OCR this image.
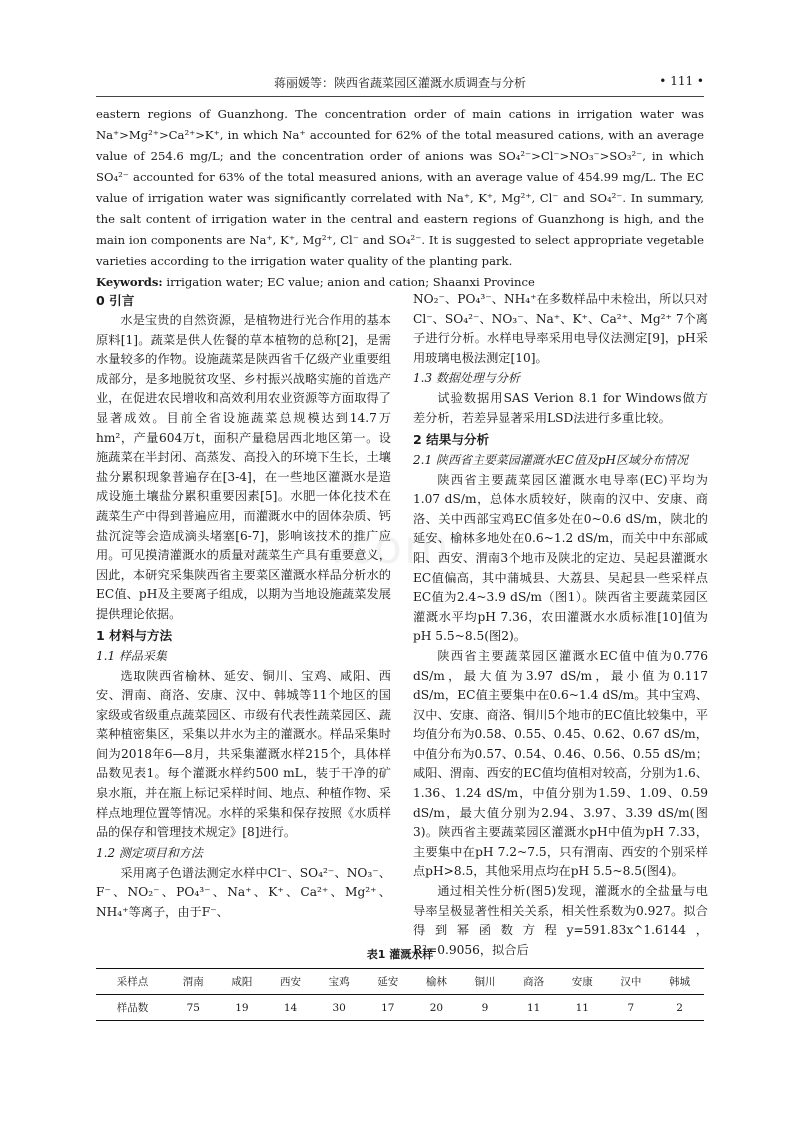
蒋丽媛等：陕西省蔬菜园区灌溉水质调查与分析	• 111 •

eastern regions of Guanzhong. The concentration order of main cations in irrigation water was Na⁺>Mg²⁺>Ca²⁺>K⁺, in which Na⁺ accounted for 62% of the total measured cations, with an average value of 254.6 mg/L; and the concentration order of anions was SO₄²⁻>Cl⁻>NO₃⁻>SO₃²⁻, in which SO₄²⁻ accounted for 63% of the total measured anions, with an average value of 454.99 mg/L. The EC value of irrigation water was significantly correlated with Na⁺, K⁺, Mg²⁺, Cl⁻ and SO₄²⁻. In summary, the salt content of irrigation water in the central and eastern regions of Guanzhong is high, and the main ion components are Na⁺, K⁺, Mg²⁺, Cl⁻ and SO₄²⁻. It is suggested to select appropriate vegetable varieties according to the irrigation water quality of the planting park.

Keywords: irrigation water; EC value; anion and cation; Shaanxi Province

.com
0 引言

水是宝贵的自然资源，是植物进行光合作用的基本原料[1]。蔬菜是供人佐餐的草本植物的总称[2]，是需水量较多的作物。设施蔬菜是陕西省千亿级产业重要组成部分，是多地脱贫攻坚、乡村振兴战略实施的首选产业，在促进农民增收和高效利用农业资源等方面取得了显著成效。目前全省设施蔬菜总规模达到14.7万hm²，产量604万t，面积产量稳居西北地区第一。设施蔬菜在半封闭、高蒸发、高投入的环境下生长，土壤盐分累积现象普遍存在[3-4]，在一些地区灌溉水是造成设施土壤盐分累积重要因素[5]。水肥一体化技术在蔬菜生产中得到普遍应用，而灌溉水中的固体杂质、钙盐沉淀等会造成滴头堵塞[6-7]，影响该技术的推广应用。可见摸清灌溉水的质量对蔬菜生产具有重要意义，因此，本研究采集陕西省主要菜区灌溉水样品分析水的EC值、pH及主要离子组成，以期为当地设施蔬菜发展提供理论依据。

1 材料与方法
1.1 样品采集

选取陕西省榆林、延安、铜川、宝鸡、咸阳、西安、渭南、商洛、安康、汉中、韩城等11个地区的国家级或省级重点蔬菜园区、市级有代表性蔬菜园区、蔬菜种植密集区，采集以井水为主的灌溉水。样品采集时间为2018年6—8月，共采集灌溉水样215个，具体样品数见表1。每个灌溉水样约500 mL，装于干净的矿泉水瓶，并在瓶上标记采样时间、地点、种植作物、采样点地理位置等情况。水样的采集和保存按照《水质样品的保存和管理技术规定》[8]进行。

1.2 测定项目和方法

采用离子色谱法测定水样中Cl⁻、SO₄²⁻、NO₃⁻、F⁻、NO₂⁻、PO₄³⁻、Na⁺、K⁺、Ca²⁺、Mg²⁺、NH₄⁺等离子，由于F⁻、

NO₂⁻、PO₄³⁻、NH₄⁺在多数样品中未检出，所以只对Cl⁻、SO₄²⁻、NO₃⁻、Na⁺、K⁺、Ca²⁺、Mg²⁺ 7个离子进行分析。水样电导率采用电导仪法测定[9]，pH采用玻璃电极法测定[10]。

1.3 数据处理与分析

试验数据用SAS Verion 8.1 for Windows做方差分析，若差异显著采用LSD法进行多重比较。

2 结果与分析
2.1 陕西省主要菜园灌溉水EC值及pH区域分布情况

陕西省主要蔬菜园区灌溉水电导率(EC)平均为1.07 dS/m，总体水质较好，陕南的汉中、安康、商洛、关中西部宝鸡EC值多处在0~0.6 dS/m，陕北的延安、榆林多地处在0.6~1.2 dS/m，而关中中东部咸阳、西安、渭南3个地市及陕北的定边、吴起县灌溉水EC值偏高，其中蒲城县、大荔县、吴起县一些采样点EC值为2.4~3.9 dS/m（图1）。陕西省主要蔬菜园区灌溉水平均pH 7.36，农田灌溉水水质标准[10]值为pH 5.5~8.5(图2)。

陕西省主要蔬菜园区灌溉水EC值中值为0.776 dS/m，最大值为3.97 dS/m，最小值为0.117 dS/m，EC值主要集中在0.6~1.4 dS/m。其中宝鸡、汉中、安康、商洛、铜川5个地市的EC值比较集中，平均值分布为0.58、0.55、0.45、0.62、0.67 dS/m，中值分布为0.57、0.54、0.46、0.56、0.55 dS/m；咸阳、渭南、西安的EC值均值相对较高，分别为1.6、1.36、1.24 dS/m，中值分别为1.59、1.09、0.59 dS/m，最大值分别为2.94、3.97、3.39 dS/m(图3)。陕西省主要蔬菜园区灌溉水pH中值为pH 7.33，主要集中在pH 7.2~7.5，只有渭南、西安的个别采样点pH>8.5，其他采用点均在pH 5.5~8.5(图4)。

通过相关性分析(图5)发现，灌溉水的全盐量与电导率呈极显著性相关关系，相关性系数为0.927。拟合得到幂函数方程y=591.83x^1.6144，R²=0.9056，拟合后

表1 灌溉水样
采样点	渭南	咸阳	西安	宝鸡	延安	榆林	铜川	商洛	安康	汉中	韩城
样品数	75	19	14	30	17	20	9	11	11	7	2
